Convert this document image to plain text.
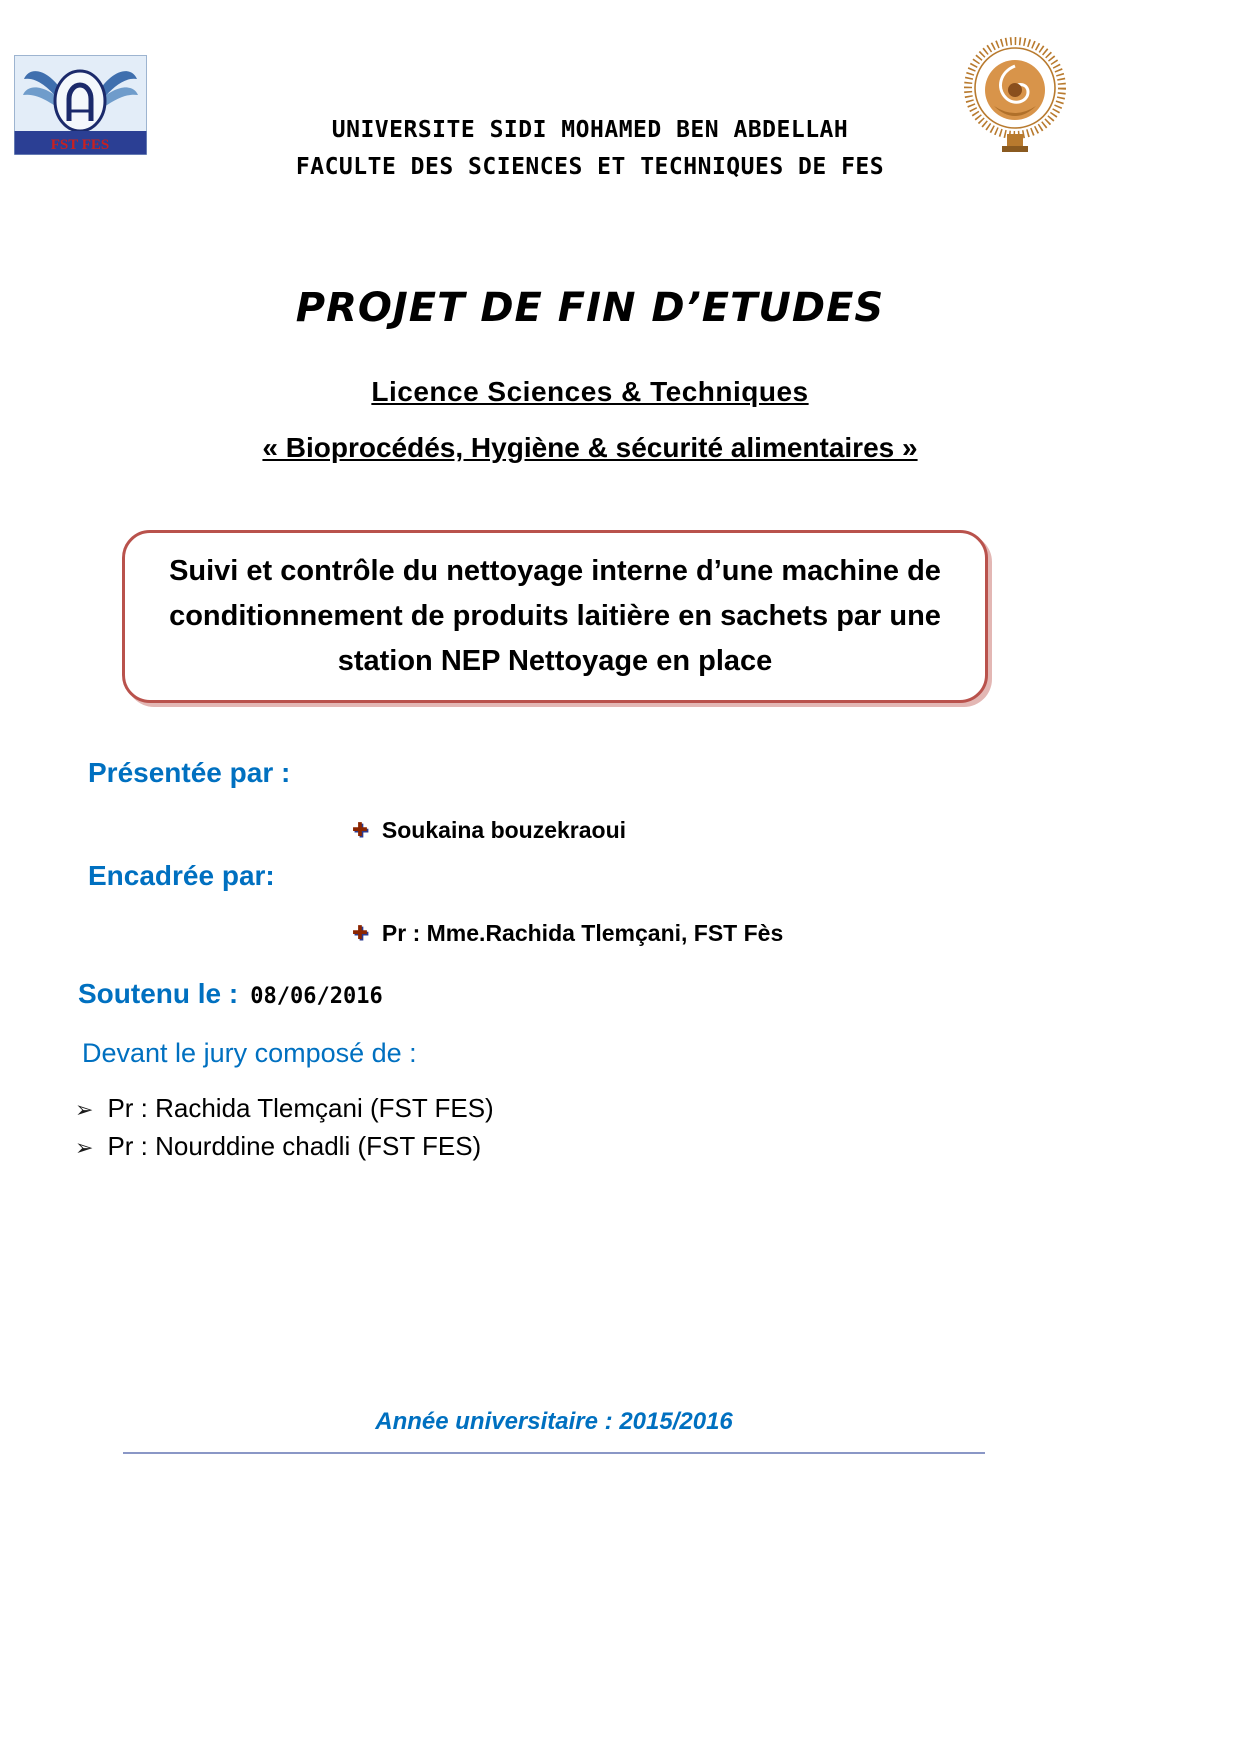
FST FES
UNIVERSITE SIDI MOHAMED BEN ABDELLAH
FACULTE DES SCIENCES ET TECHNIQUES DE FES
PROJET DE FIN D’ETUDES
Licence Sciences & Techniques
« Bioprocédés, Hygiène & sécurité alimentaires »
Suivi et contrôle du nettoyage interne d’une machine de conditionnement de produits laitière en sachets par une station NEP Nettoyage en place
Présentée par :
✚ Soukaina bouzekraoui
Encadrée par:
✚ Pr : Mme.Rachida Tlemçani, FST Fès
Soutenu le : 08/06/2016
Devant le jury composé de :
➢ Pr : Rachida Tlemçani (FST FES)
➢ Pr : Nourddine chadli (FST FES)
Année universitaire : 2015/2016
